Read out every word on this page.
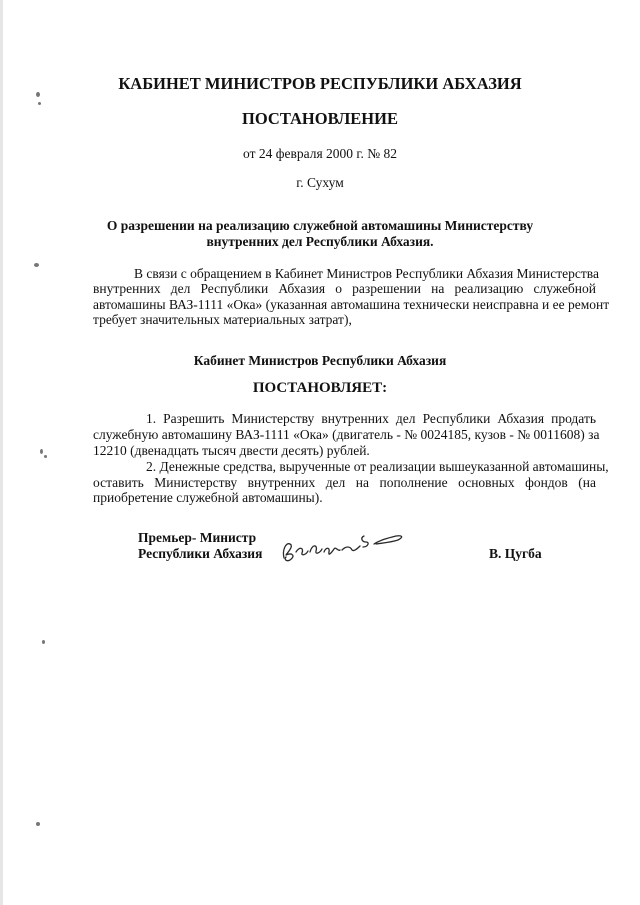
КАБИНЕТ МИНИСТРОВ РЕСПУБЛИКИ АБХАЗИЯ
ПОСТАНОВЛЕНИЕ
от 24 февраля 2000 г. № 82
г. Сухум
О разрешении на реализацию служебной автомашины Министерству
внутренних дел Республики Абхазия.
В связи с обращением в Кабинет Министров Республики Абхазия Министерства
внутренних дел Республики Абхазия о разрешении на реализацию служебной
автомашины ВАЗ-1111 «Ока» (указанная автомашина технически неисправна и ее ремонт
требует значительных материальных затрат),
Кабинет Министров Республики Абхазия
ПОСТАНОВЛЯЕТ:
1. Разрешить Министерству внутренних дел Республики Абхазия продать
служебную автомашину ВАЗ-1111 «Ока» (двигатель - № 0024185, кузов - № 0011608) за
12210 (двенадцать тысяч двести десять) рублей.
2. Денежные средства, вырученные от реализации вышеуказанной автомашины,
оставить Министерству внутренних дел на пополнение основных фондов (на
приобретение служебной автомашины).
Премьер- Министр
Республики Абхазия	В. Цугба
